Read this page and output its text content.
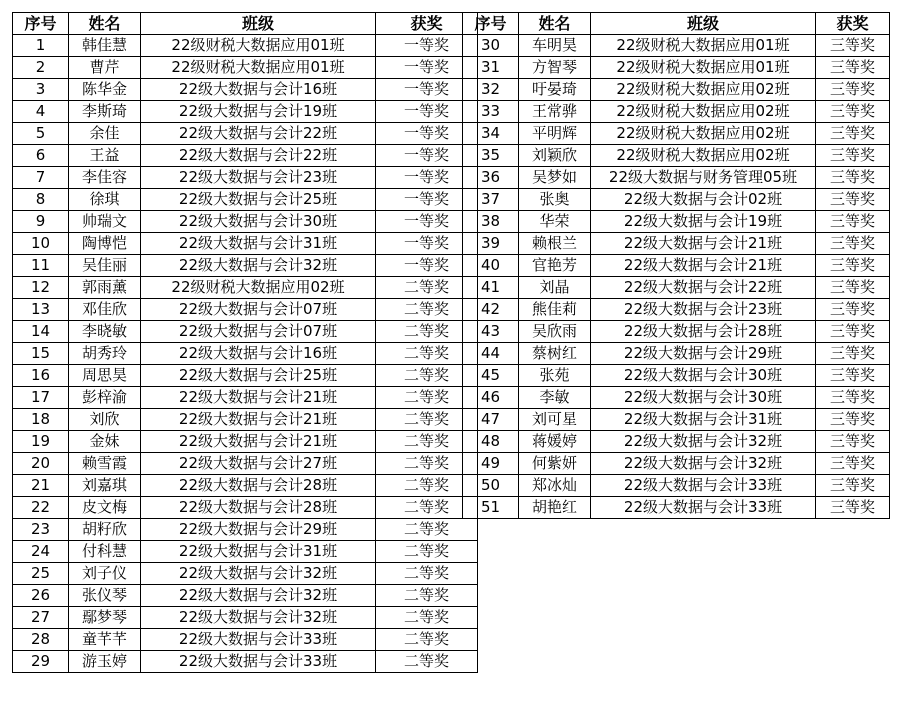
序号	姓名	班级	获奖
1	韩佳慧	22级财税大数据应用01班	一等奖
2	曹芹	22级财税大数据应用01班	一等奖
3	陈华金	22级大数据与会计16班	一等奖
4	李斯琦	22级大数据与会计19班	一等奖
5	余佳	22级大数据与会计22班	一等奖
6	王益	22级大数据与会计22班	一等奖
7	李佳容	22级大数据与会计23班	一等奖
8	徐琪	22级大数据与会计25班	一等奖
9	帅瑞文	22级大数据与会计30班	一等奖
10	陶博恺	22级大数据与会计31班	一等奖
11	吴佳丽	22级大数据与会计32班	一等奖
12	郭雨薰	22级财税大数据应用02班	二等奖
13	邓佳欣	22级大数据与会计07班	二等奖
14	李晓敏	22级大数据与会计07班	二等奖
15	胡秀玲	22级大数据与会计16班	二等奖
16	周思昊	22级大数据与会计25班	二等奖
17	彭梓渝	22级大数据与会计21班	二等奖
18	刘欣	22级大数据与会计21班	二等奖
19	金妹	22级大数据与会计21班	二等奖
20	赖雪霞	22级大数据与会计27班	二等奖
21	刘嘉琪	22级大数据与会计28班	二等奖
22	皮文梅	22级大数据与会计28班	二等奖
23	胡籽欣	22级大数据与会计29班	二等奖
24	付科慧	22级大数据与会计31班	二等奖
25	刘子仪	22级大数据与会计32班	二等奖
26	张仪琴	22级大数据与会计32班	二等奖
27	鄢梦琴	22级大数据与会计32班	二等奖
28	童芊芊	22级大数据与会计33班	二等奖
29	游玉婷	22级大数据与会计33班	二等奖
序号	姓名	班级	获奖
30	车明昊	22级财税大数据应用01班	三等奖
31	方智琴	22级财税大数据应用01班	三等奖
32	吁晏琦	22级财税大数据应用02班	三等奖
33	王常骅	22级财税大数据应用02班	三等奖
34	平明辉	22级财税大数据应用02班	三等奖
35	刘颖欣	22级财税大数据应用02班	三等奖
36	吴梦如	22级大数据与财务管理05班	三等奖
37	张奥	22级大数据与会计02班	三等奖
38	华荣	22级大数据与会计19班	三等奖
39	赖根兰	22级大数据与会计21班	三等奖
40	官艳芳	22级大数据与会计21班	三等奖
41	刘晶	22级大数据与会计22班	三等奖
42	熊佳莉	22级大数据与会计23班	三等奖
43	吴欣雨	22级大数据与会计28班	三等奖
44	蔡树红	22级大数据与会计29班	三等奖
45	张苑	22级大数据与会计30班	三等奖
46	李敏	22级大数据与会计30班	三等奖
47	刘可星	22级大数据与会计31班	三等奖
48	蒋媛婷	22级大数据与会计32班	三等奖
49	何紫妍	22级大数据与会计32班	三等奖
50	郑冰灿	22级大数据与会计33班	三等奖
51	胡艳红	22级大数据与会计33班	三等奖
